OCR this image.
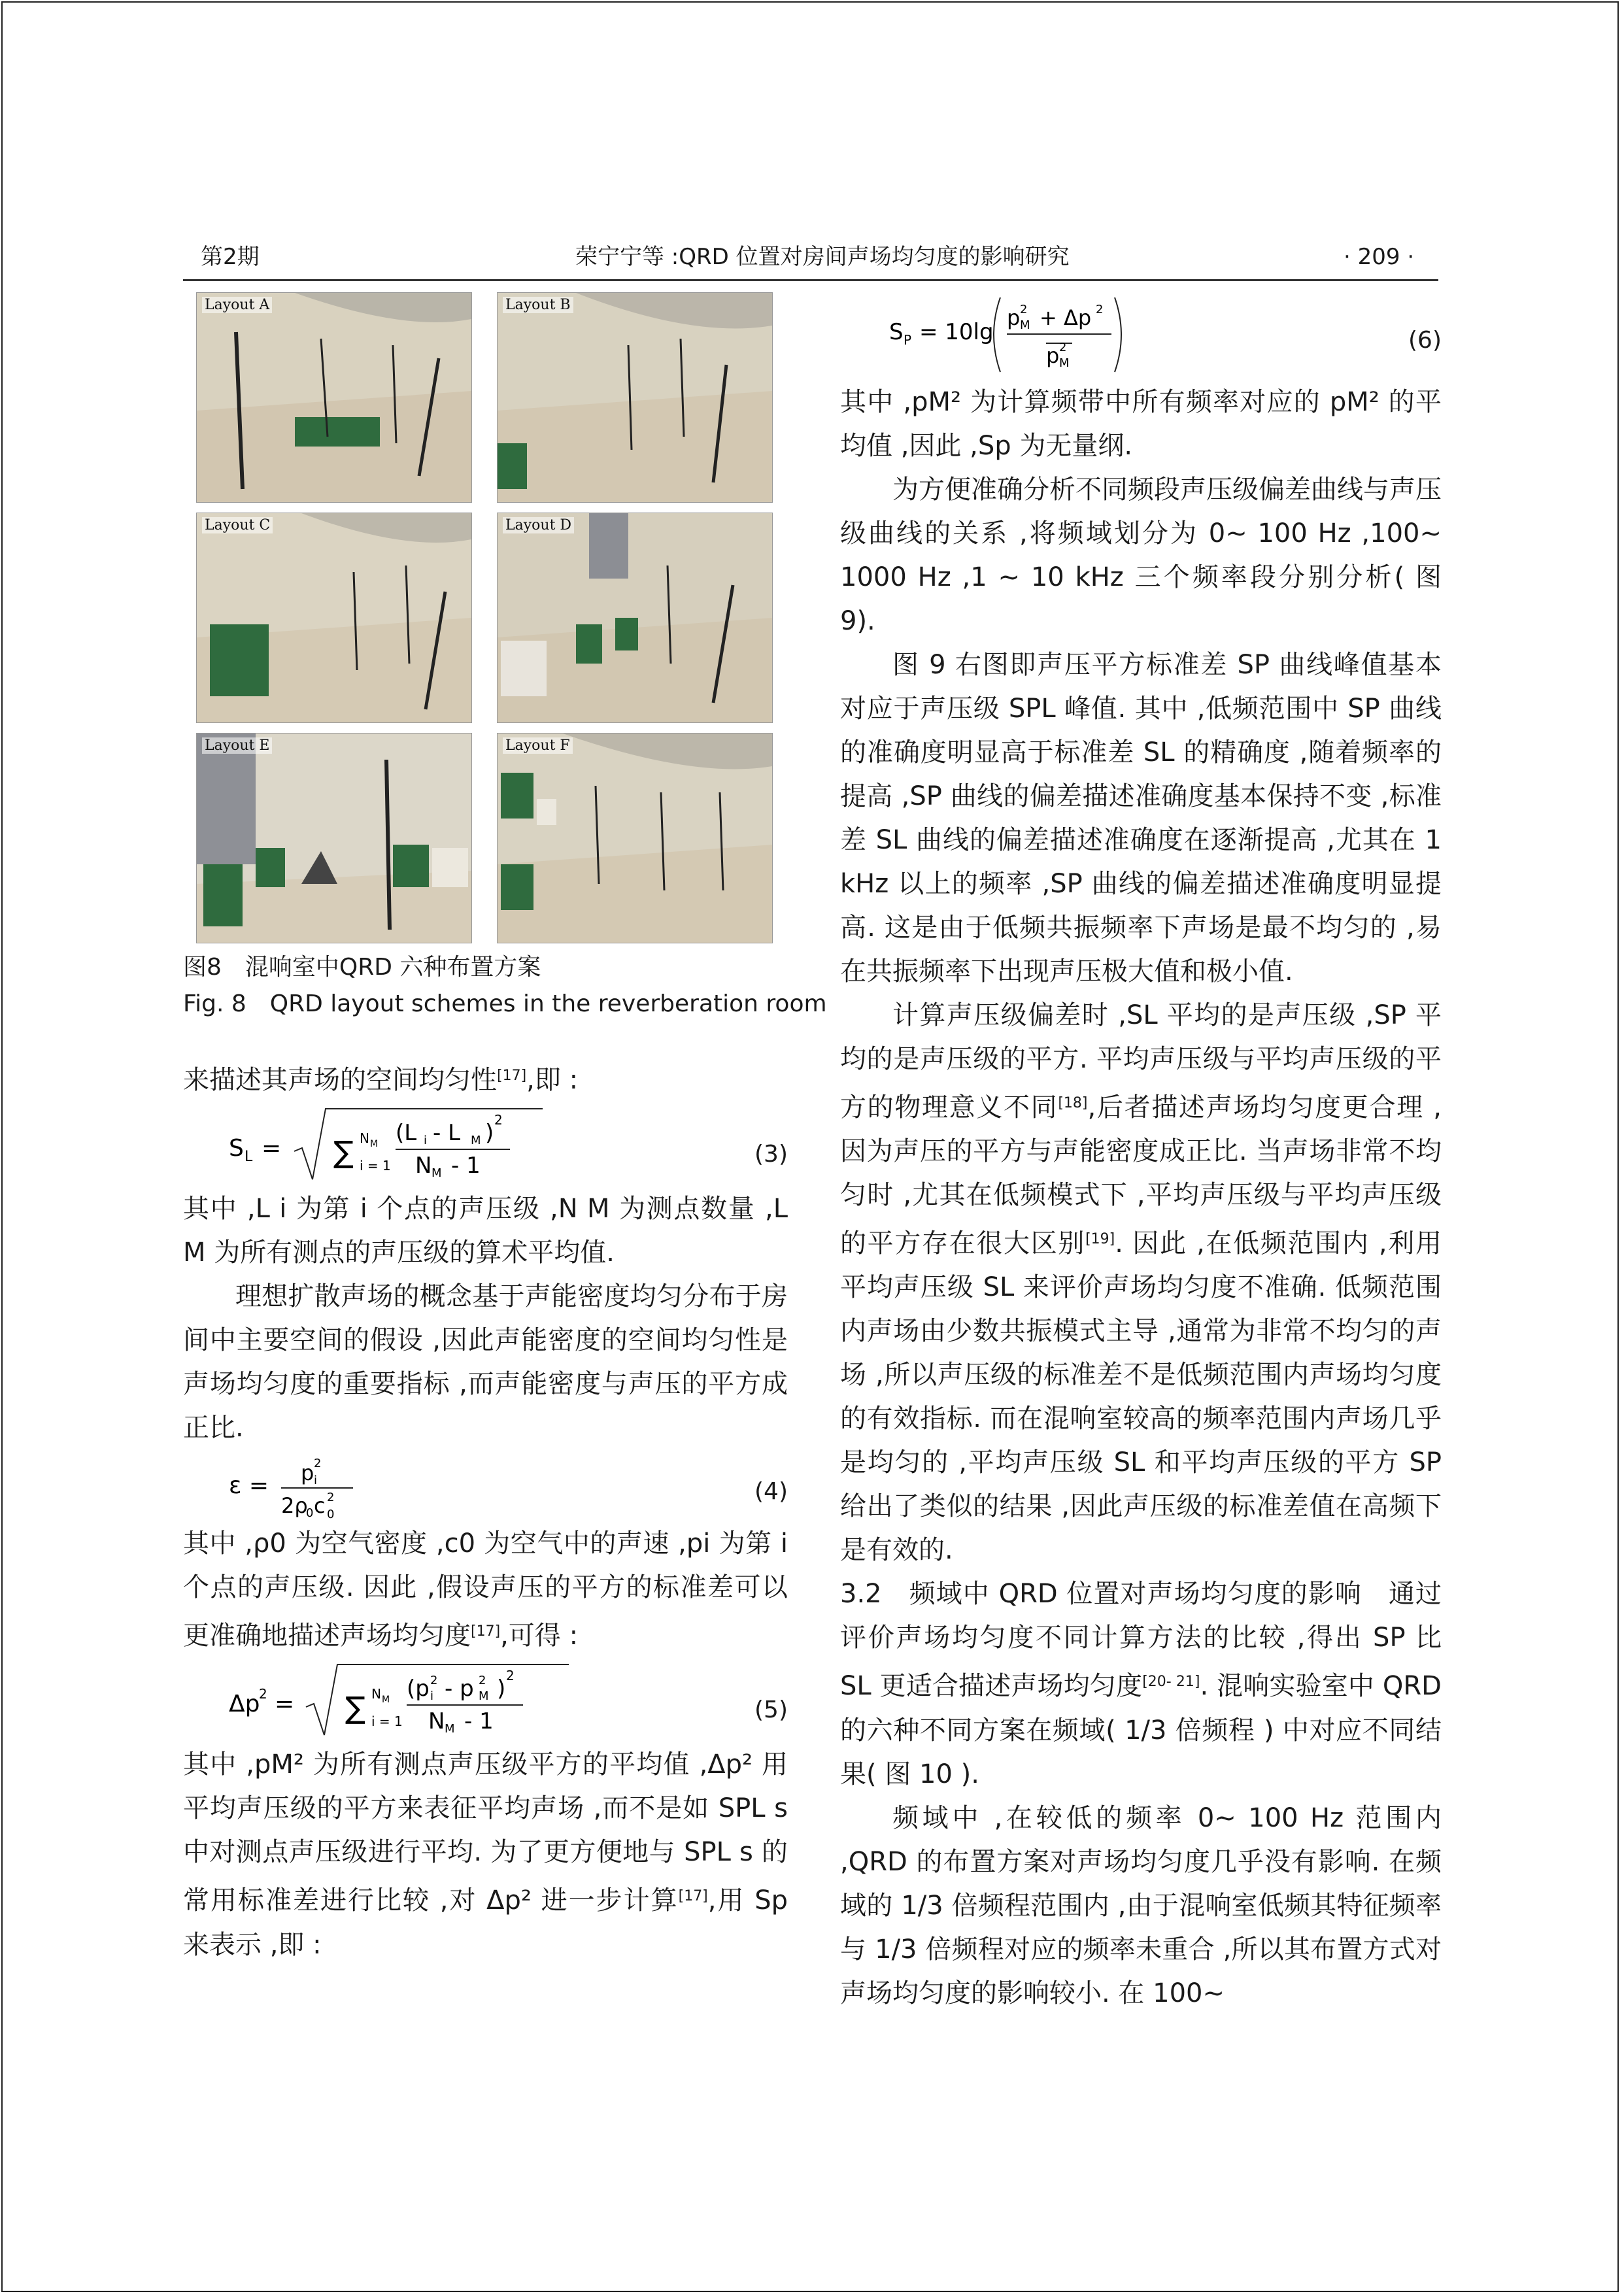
第2期	荣宁宁等 :QRD 位置对房间声场均匀度的影响研究	· 209 ·
Layout A	Layout B
Layout C	Layout D
Layout E	Layout F
图8　混响室中QRD 六种布置方案
Fig. 8　QRD layout schemes in the reverberation room

来描述其声场的空间均匀性[17],即 :

S L = ∑ N M
i = 1
(L i - L M ) 2
N M - 1	(3)

其中 ,L i 为第 i 个点的声压级 ,N M 为测点数量 ,L M 为所有测点的声压级的算术平均值.

理想扩散声场的概念基于声能密度均匀分布于房间中主要空间的假设 ,因此声能密度的空间均匀性是声场均匀度的重要指标 ,而声能密度与声压的平方成正比.

ε = p 2
i
2ρ
0 c 2
0
(4)

其中 ,ρ0 为空气密度 ,c0 为空气中的声速 ,pi 为第 i 个点的声压级. 因此 ,假设声压的平方的标准差可以更准确地描述声场均匀度[17],可得 :

Δp
2 = ∑ N M
i = 1
(p 2
i - p 2
M ) 2
N M - 1	(5)

其中 ,pM² 为所有测点声压级平方的平均值 ,Δp² 用平均声压级的平方来表征平均声场 ,而不是如 SPL s 中对测点声压级进行平均. 为了更方便地与 SPL s 的常用标准差进行比较 ,对 Δp² 进一步计算[17],用 Sp 来表示 ,即 :

S P = 10lg
p 2
M + Δp 2
p 2
M
(6)

其中 ,pM² 为计算频带中所有频率对应的 pM² 的平均值 ,因此 ,Sp 为无量纲.

为方便准确分析不同频段声压级偏差曲线与声压级曲线的关系 ,将频域划分为 0~ 100 Hz ,100~ 1000 Hz ,1 ~ 10 kHz 三个频率段分别分析( 图 9).

图 9 右图即声压平方标准差 SP 曲线峰值基本对应于声压级 SPL 峰值. 其中 ,低频范围中 SP 曲线的准确度明显高于标准差 SL 的精确度 ,随着频率的提高 ,SP 曲线的偏差描述准确度基本保持不变 ,标准差 SL 曲线的偏差描述准确度在逐渐提高 ,尤其在 1 kHz 以上的频率 ,SP 曲线的偏差描述准确度明显提高. 这是由于低频共振频率下声场是最不均匀的 ,易在共振频率下出现声压极大值和极小值.

计算声压级偏差时 ,SL 平均的是声压级 ,SP 平均的是声压级的平方. 平均声压级与平均声压级的平方的物理意义不同[18],后者描述声场均匀度更合理 ,因为声压的平方与声能密度成正比. 当声场非常不均匀时 ,尤其在低频模式下 ,平均声压级与平均声压级的平方存在很大区别[19]. 因此 ,在低频范围内 ,利用平均声压级 SL 来评价声场均匀度不准确. 低频范围内声场由少数共振模式主导 ,通常为非常不均匀的声场 ,所以声压级的标准差不是低频范围内声场均匀度的有效指标. 而在混响室较高的频率范围内声场几乎是均匀的 ,平均声压级 SL 和平均声压级的平方 SP 给出了类似的结果 ,因此声压级的标准差值在高频下是有效的.

3.2　频域中 QRD 位置对声场均匀度的影响　通过评价声场均匀度不同计算方法的比较 ,得出 SP 比 SL 更适合描述声场均匀度[20- 21]. 混响实验室中 QRD 的六种不同方案在频域( 1/3 倍频程 ) 中对应不同结果( 图 10 ).

频域中 ,在较低的频率 0~ 100 Hz 范围内 ,QRD 的布置方案对声场均匀度几乎没有影响. 在频域的 1/3 倍频程范围内 ,由于混响室低频其特征频率与 1/3 倍频程对应的频率未重合 ,所以其布置方式对声场均匀度的影响较小. 在 100~
